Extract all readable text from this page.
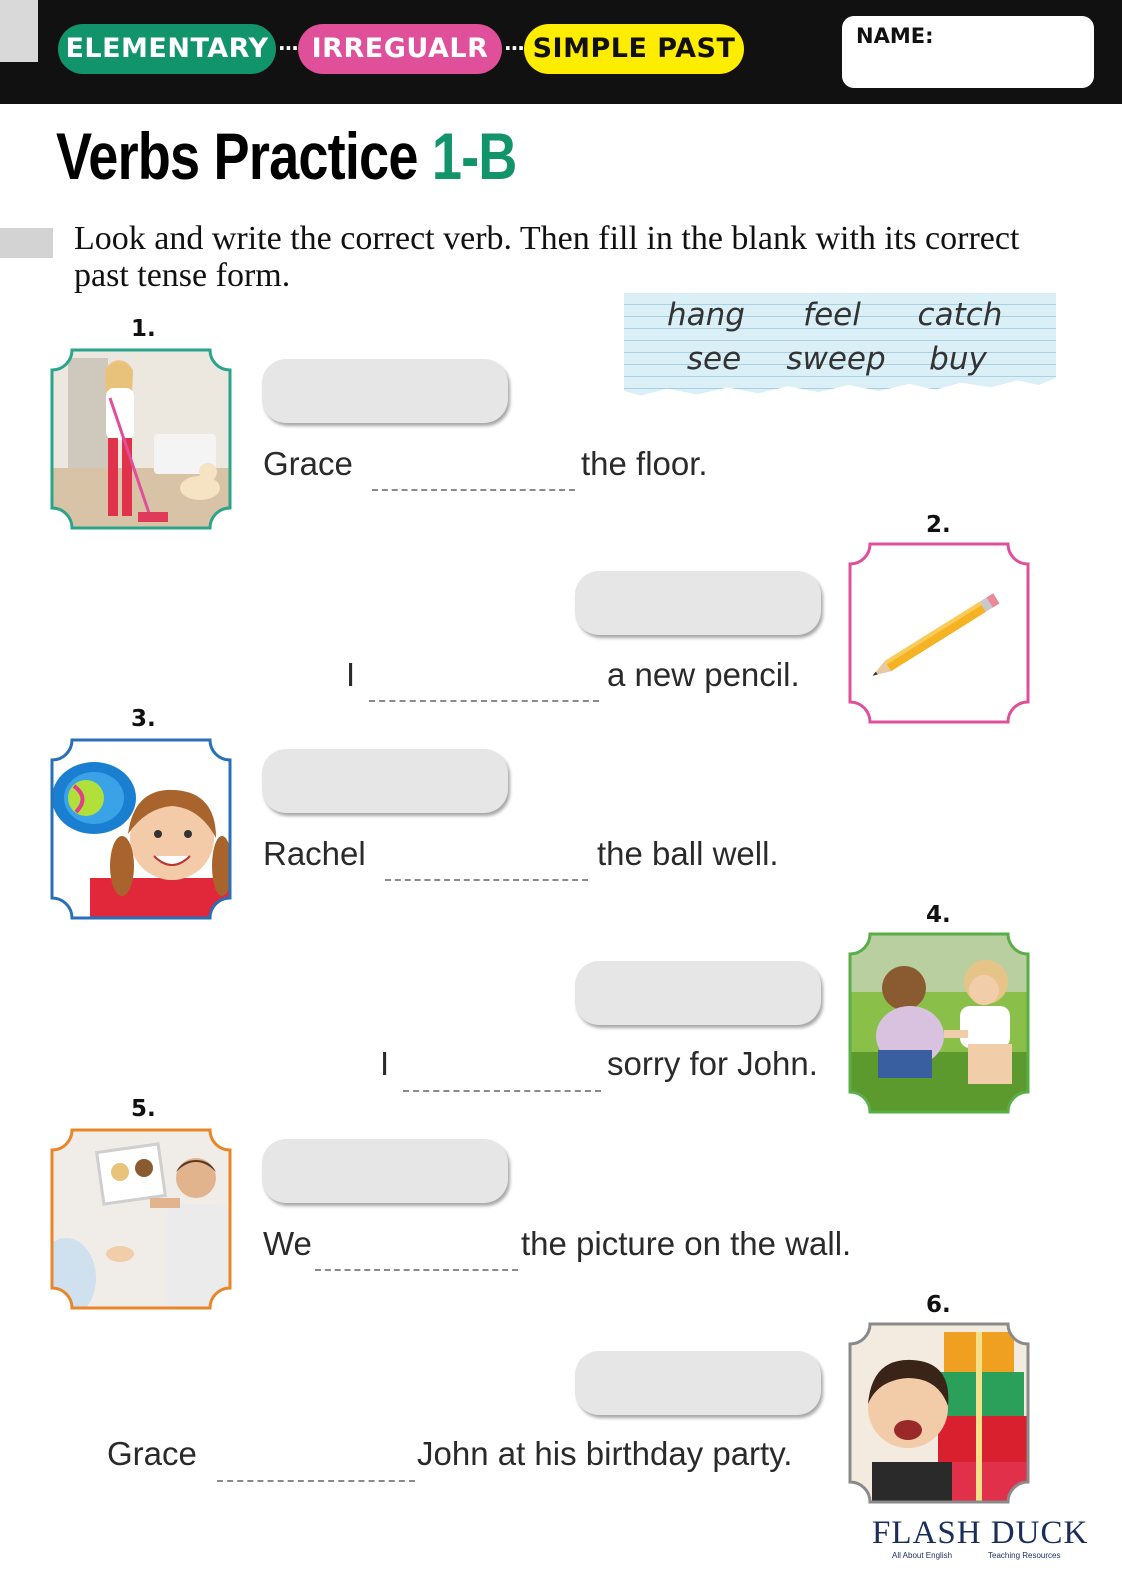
ELEMENTARY ··· IRREGUALR ··· SIMPLE PAST	NAME:
Verbs Practice 1-B
Look and write the correct verb. Then fill in the blank with its correct past tense form.
hang	feel	catch
see	sweep	buy
1.
Grace	the floor.
2.
I	a new pencil.
3.
Rachel	the ball well.
4.
I	sorry for John.
5.
We	the picture on the wall.
6.
Grace	John at his birthday party.
FLASH DUCK
All About English	Teaching Resources
